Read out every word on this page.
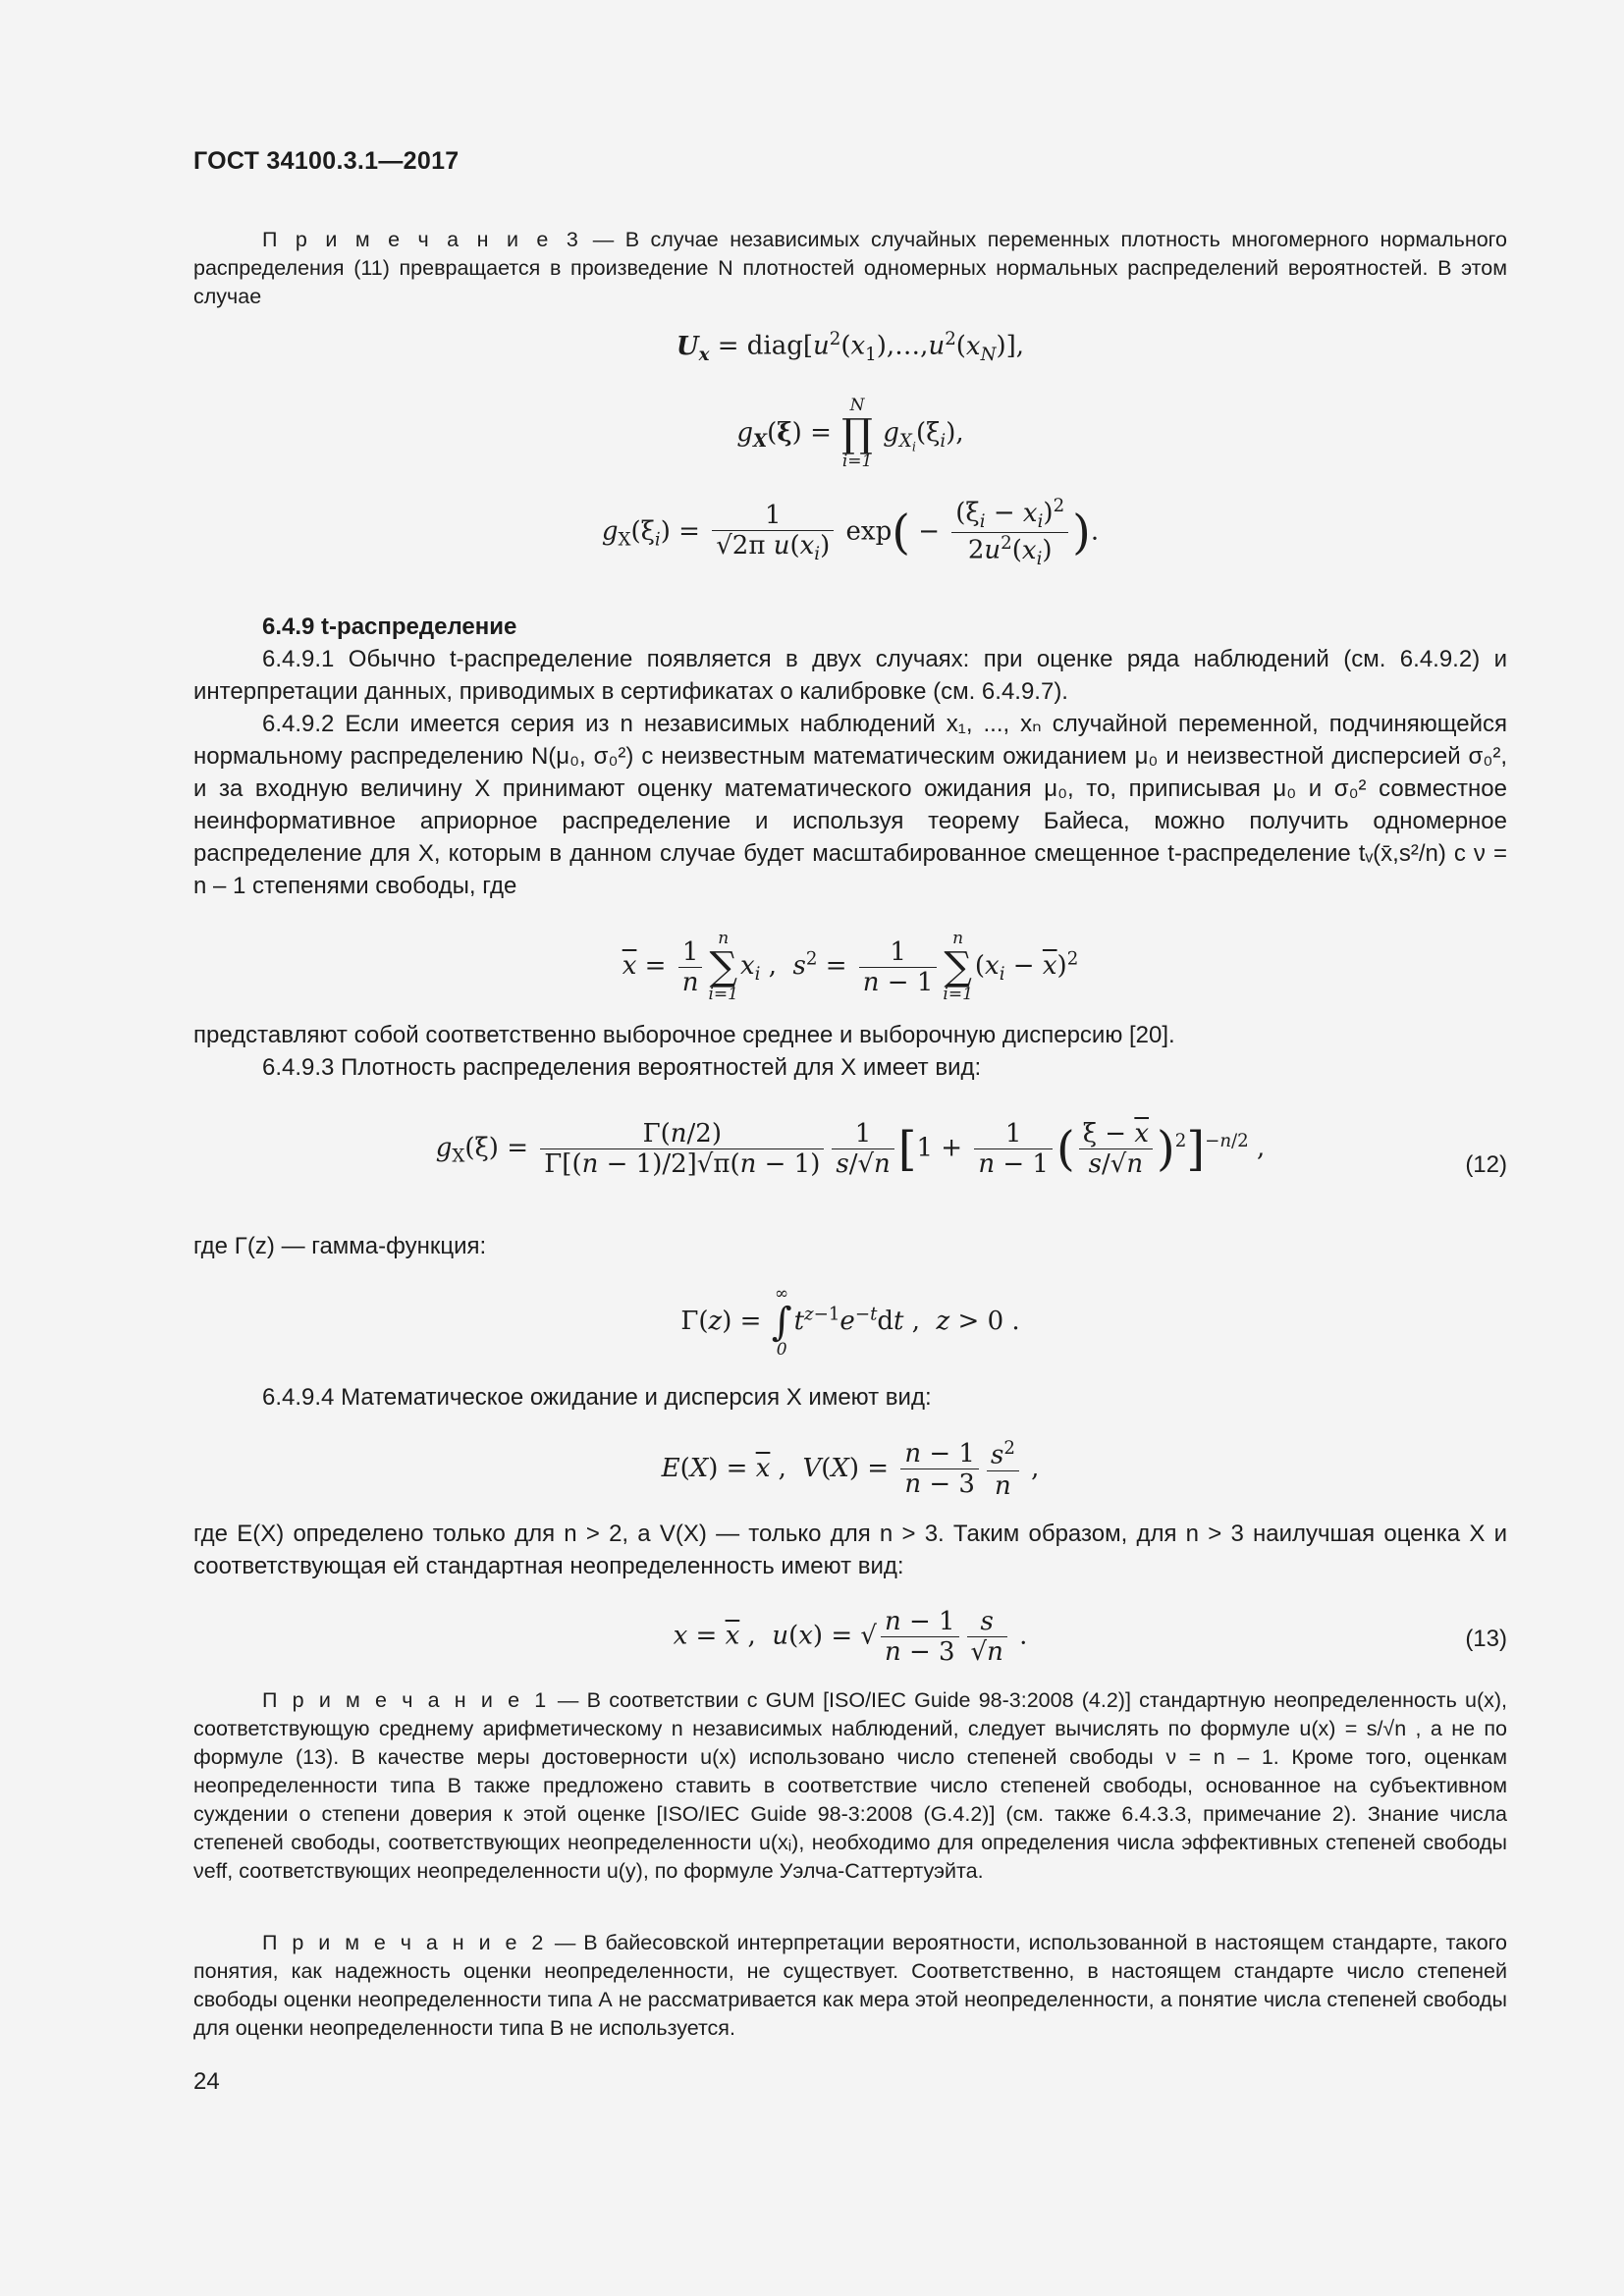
ГОСТ 34100.3.1—2017
П р и м е ч а н и е 3 — В случае независимых случайных переменных плотность многомерного нормального распределения (11) превращается в произведение N плотностей одномерных нормальных распределений вероятностей. В этом случае
$U_x$ = $diag[u^2(x_1),\dots,u^2(x_N)]$,
$g_X(\xi)$ =
N
∏
i=1
$g_{X_i}(\xi_i)$,
$g_X(\xi_i) = \frac{1}{√2\pi u(x_i)} \exp( - \frac{(\xi_i - x_i)^2}{2u^2(x_i)}$ ).
6.4.9 t-распределение
6.4.9.1 Обычно t-распределение появляется в двух случаях: при оценке ряда наблюдений (см. 6.4.9.2) и интерпретации данных, приводимых в сертификатах о калибровке (см. 6.4.9.7).
6.4.9.2 Если имеется серия из n независимых наблюдений x₁, ..., xₙ случайной переменной, подчиняющейся нормальному распределению N(μ₀, σ₀²) с неизвестным математическим ожиданием μ₀ и неизвестной дисперсией σ₀², и за входную величину X принимают оценку математического ожидания μ₀, то, приписывая μ₀ и σ₀² совместное неинформативное априорное распределение и используя теорему Байеса, можно получить одномерное распределение для X, которым в данном случае будет масштабированное смещенное t-распределение tᵥ(x̄,s²/n) с ν = n – 1 степенями свободы, где
$\overline{x} = \frac{1}{n}$ n
∑
i=1
$x_i$ ,  $s^2 = \frac{1}{n - 1}$ n
∑
i=1
$(x_i - \overline{x})^2$
представляют собой соответственно выборочное среднее и выборочную дисперсию [20].
6.4.9.3 Плотность распределения вероятностей для X имеет вид:
$g_X(\xi) = \frac{\Gamma(n/2)}{\Gamma[(n - 1)/2]√\pi(n - 1)} \frac{1}{s/√n} [1 + \frac{1}{n - 1}$ ( $\frac{\xi - \overline{x}}{s/√n} )^2]^{-n/2}$ ,
(12)
где Γ(z) — гамма-функция:
Γ(z) =
∞
∫
0
$t^{z-1}e^{-t}dt$ ,  z > 0 .
6.4.9.4 Математическое ожидание и дисперсия X имеют вид:
$E(X) = \overline{x}$ ,  $V(X) = \frac{n - 1}{n - 3} \frac{s^2}{n}$ ,
где E(X) определено только для n > 2, а V(X) — только для n > 3. Таким образом, для n > 3 наилучшая оценка X и соответствующая ей стандартная неопределенность имеют вид:
$x = \overline{x}$ ,  u(x) = √ $\frac{n - 1}{n - 3} \frac{s}{√n}$ .	(13)
П р и м е ч а н и е 1 — В соответствии с GUM [ISO/IEC Guide 98-3:2008 (4.2)] стандартную неопределенность u(x), соответствующую среднему арифметическому n независимых наблюдений, следует вычислять по формуле u(x) = s/√n , а не по формуле (13). В качестве меры достоверности u(x) использовано число степеней свободы ν = n – 1. Кроме того, оценкам неопределенности типа В также предложено ставить в соответствие число степеней свободы, основанное на субъективном суждении о степени доверия к этой оценке [ISO/IEC Guide 98-3:2008 (G.4.2)] (см. также 6.4.3.3, примечание 2). Знание числа степеней свободы, соответствующих неопределенности u(xᵢ), необходимо для определения числа эффективных степеней свободы νeff, соответствующих неопределенности u(y), по формуле Уэлча-Саттертуэйта.
П р и м е ч а н и е 2 — В байесовской интерпретации вероятности, использованной в настоящем стандарте, такого понятия, как надежность оценки неопределенности, не существует. Соответственно, в настоящем стандарте число степеней свободы оценки неопределенности типа А не рассматривается как мера этой неопределенности, а понятие числа степеней свободы для оценки неопределенности типа В не используется.
24
